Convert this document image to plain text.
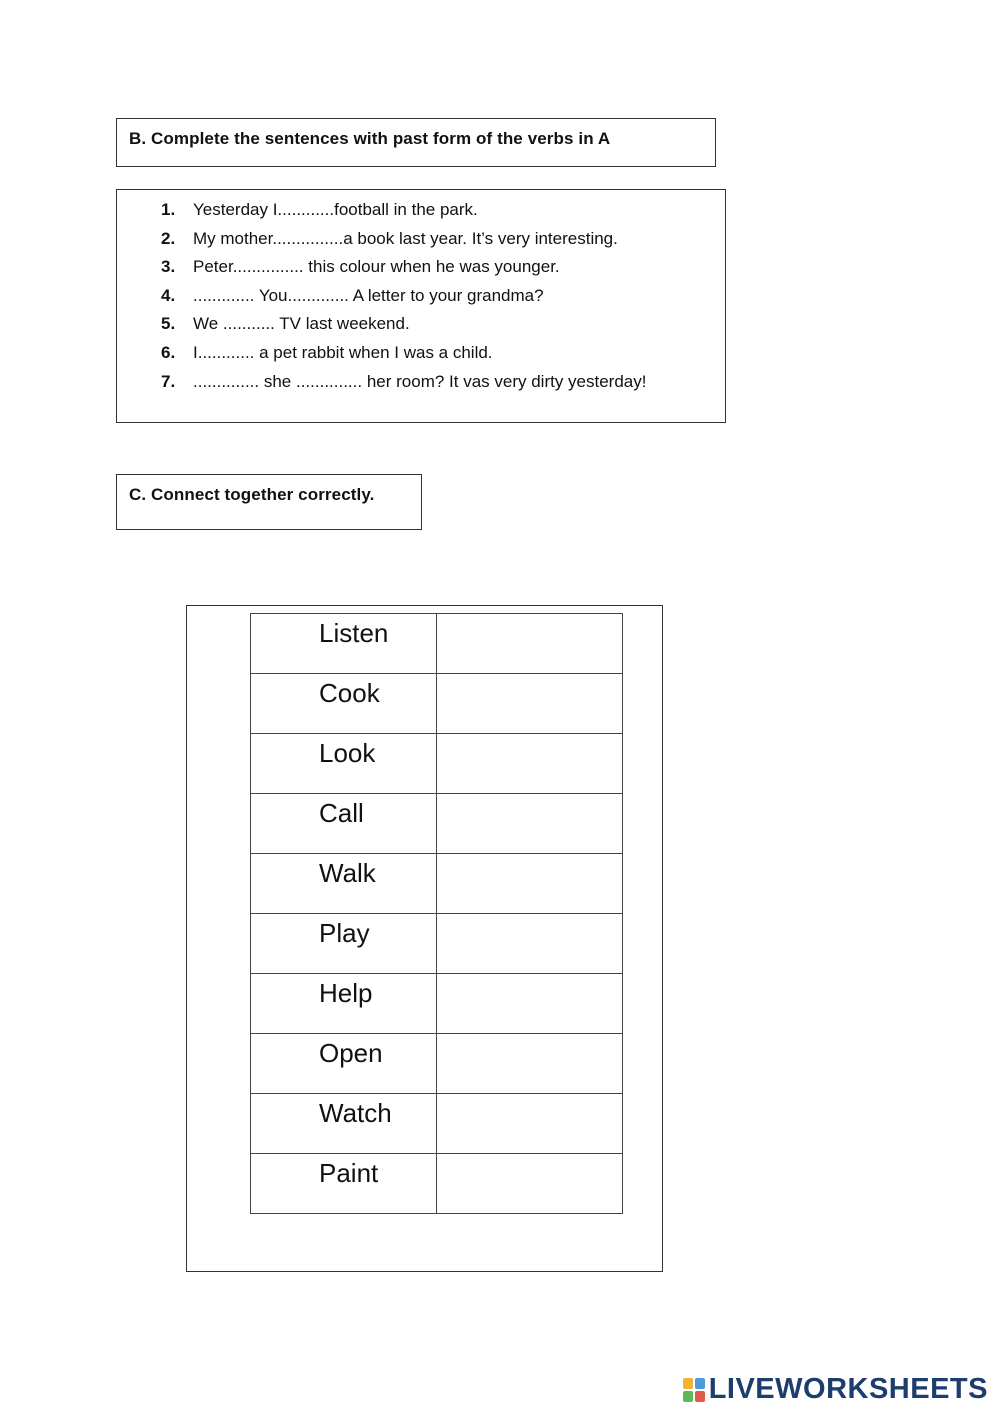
B. Complete the sentences with past form of the verbs in A
1.	Yesterday I............football in the park.
2.	My mother...............a book last year. It’s very interesting.
3.	Peter............... this colour when he was younger.
4.	............. You............. A letter to your grandma?
5.	We ........... TV last weekend.
6.	I............ a pet rabbit when I was a child.
7.	.............. she .............. her room? It vas very dirty yesterday!
C. Connect together correctly.
Listen	

Cook	

Look	

Call	

Walk	

Play	

Help	

Open	

Watch	

Paint	

LIVEWORKSHEETS
